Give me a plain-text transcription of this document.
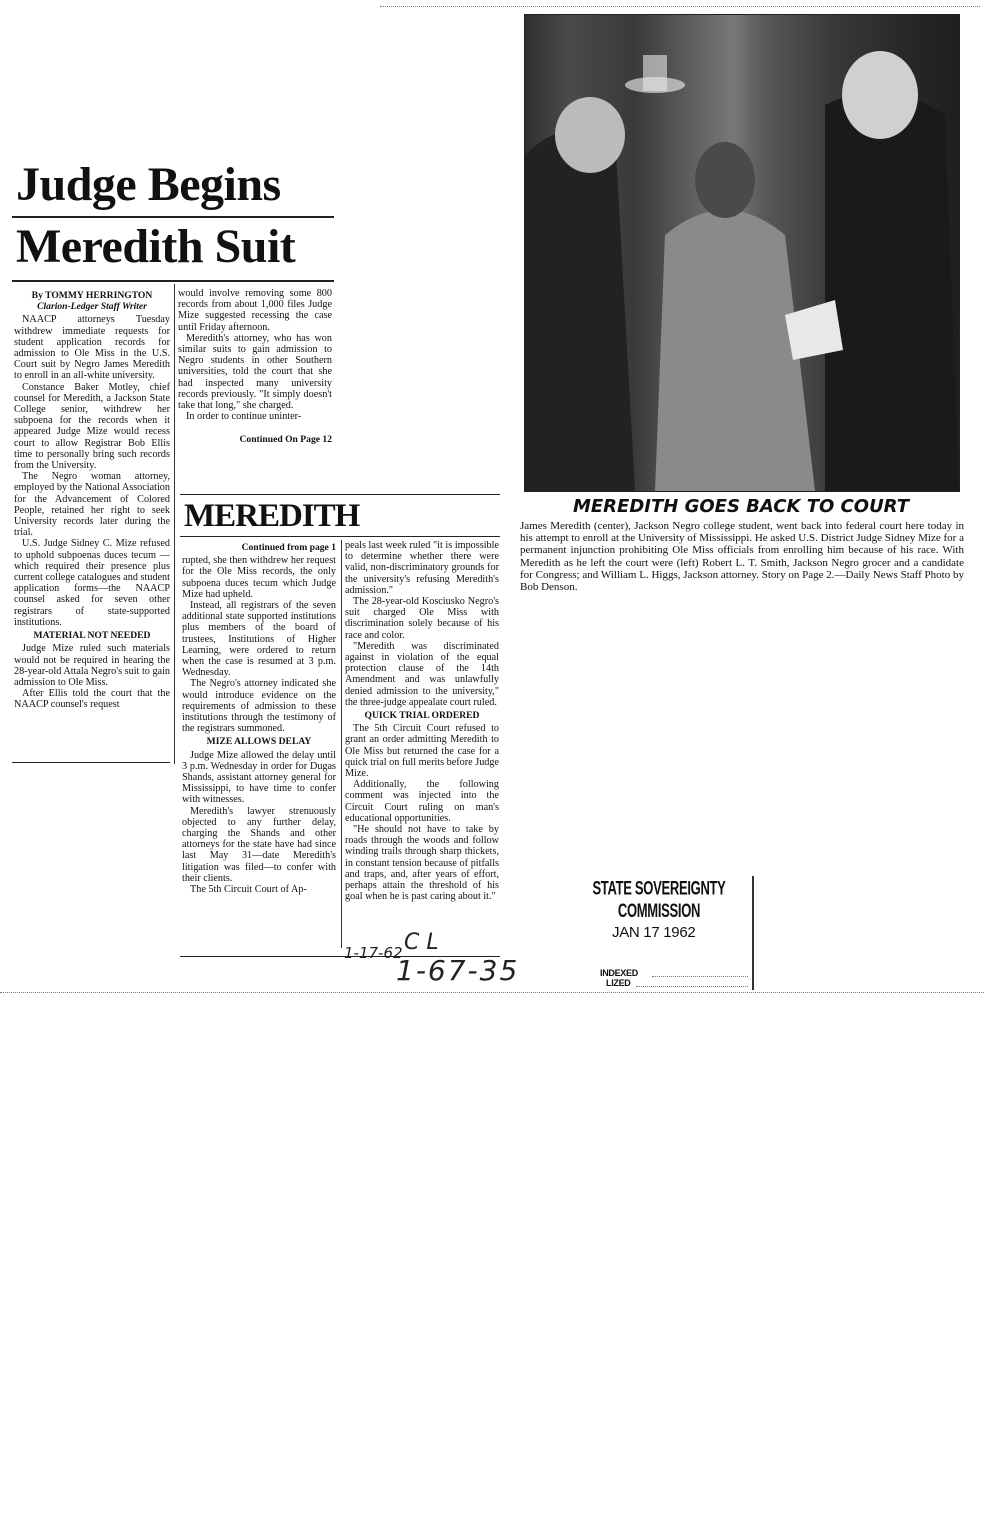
Judge Begins
Meredith Suit
By TOMMY HERRINGTON
Clarion-Ledger Staff Writer

NAACP attorneys Tuesday withdrew immediate requests for student application records for admission to Ole Miss in the U.S. Court suit by Negro James Meredith to enroll in an all-white university.

Constance Baker Motley, chief counsel for Meredith, a Jackson State College senior, withdrew her subpoena for the records when it appeared Judge Mize would recess court to allow Registrar Bob Ellis time to personally bring such records from the University.

The Negro woman attorney, employed by the National Association for the Advancement of Colored People, retained her right to seek University records later during the trial.

U.S. Judge Sidney C. Mize refused to uphold subpoenas duces tecum — which required their presence plus current college catalogues and student application forms—the NAACP counsel asked for seven other registrars of state-supported institutions.

MATERIAL NOT NEEDED

Judge Mize ruled such materials would not be required in hearing the 28-year-old Attala Negro's suit to gain admission to Ole Miss.

After Ellis told the court that the NAACP counsel's request

would involve removing some 800 records from about 1,000 files Judge Mize suggested recessing the case until Friday afternoon.

Meredith's attorney, who has won similar suits to gain admission to Negro students in other Southern universities, told the court that she had inspected many university records previously. "It simply doesn't take that long," she charged.

In order to continue uninter-

Continued On Page 12
MEREDITH
Continued from page 1

rupted, she then withdrew her request for the Ole Miss records, the only subpoena duces tecum which Judge Mize had upheld.

Instead, all registrars of the seven additional state supported institutions plus members of the board of trustees, Institutions of Higher Learning, were ordered to return when the case is resumed at 3 p.m. Wednesday.

The Negro's attorney indicated she would introduce evidence on the requirements of admission to these institutions through the testimony of the registrars summoned.

MIZE ALLOWS DELAY

Judge Mize allowed the delay until 3 p.m. Wednesday in order for Dugas Shands, assistant attorney general for Mississippi, to have time to confer with witnesses.

Meredith's lawyer strenuously objected to any further delay, charging the Shands and other attorneys for the state have had since last May 31—date Meredith's litigation was filed—to confer with their clients.

The 5th Circuit Court of Ap-

peals last week ruled "it is impossible to determine whether there were valid, non-discriminatory grounds for the university's refusing Meredith's admission."

The 28-year-old Kosciusko Negro's suit charged Ole Miss with discrimination solely because of his race and color.

"Meredith was discriminated against in violation of the equal protection clause of the 14th Amendment and was unlawfully denied admission to the university," the three-judge appealate court ruled.

QUICK TRIAL ORDERED

The 5th Circuit Court refused to grant an order admitting Meredith to Ole Miss but returned the case for a quick trial on full merits before Judge Mize.

Additionally, the following comment was injected into the Circuit Court ruling on man's educational opportunities.

"He should not have to take by roads through the woods and follow winding trails through sharp thickets, in constant tension because of pitfalls and traps, and, after years of effort, perhaps attain the threshold of his goal when he is past caring about it."

C L
1-17-62
1-67-35
MEREDITH GOES BACK TO COURT
James Meredith (center), Jackson Negro college student, went back into federal court here today in his attempt to enroll at the University of Mississippi. He asked U.S. District Judge Sidney Mize for a permanent injunction prohibiting Ole Miss officials from enrolling him because of his race. With Meredith as he left the court were (left) Robert L. T. Smith, Jackson Negro grocer and a candidate for Congress; and William L. Higgs, Jackson attorney. Story on Page 2.—Daily News Staff Photo by Bob Denson.
STATE SOVEREIGNTY COMMISSION
JAN 17 1962
INDEXED
LIZED
